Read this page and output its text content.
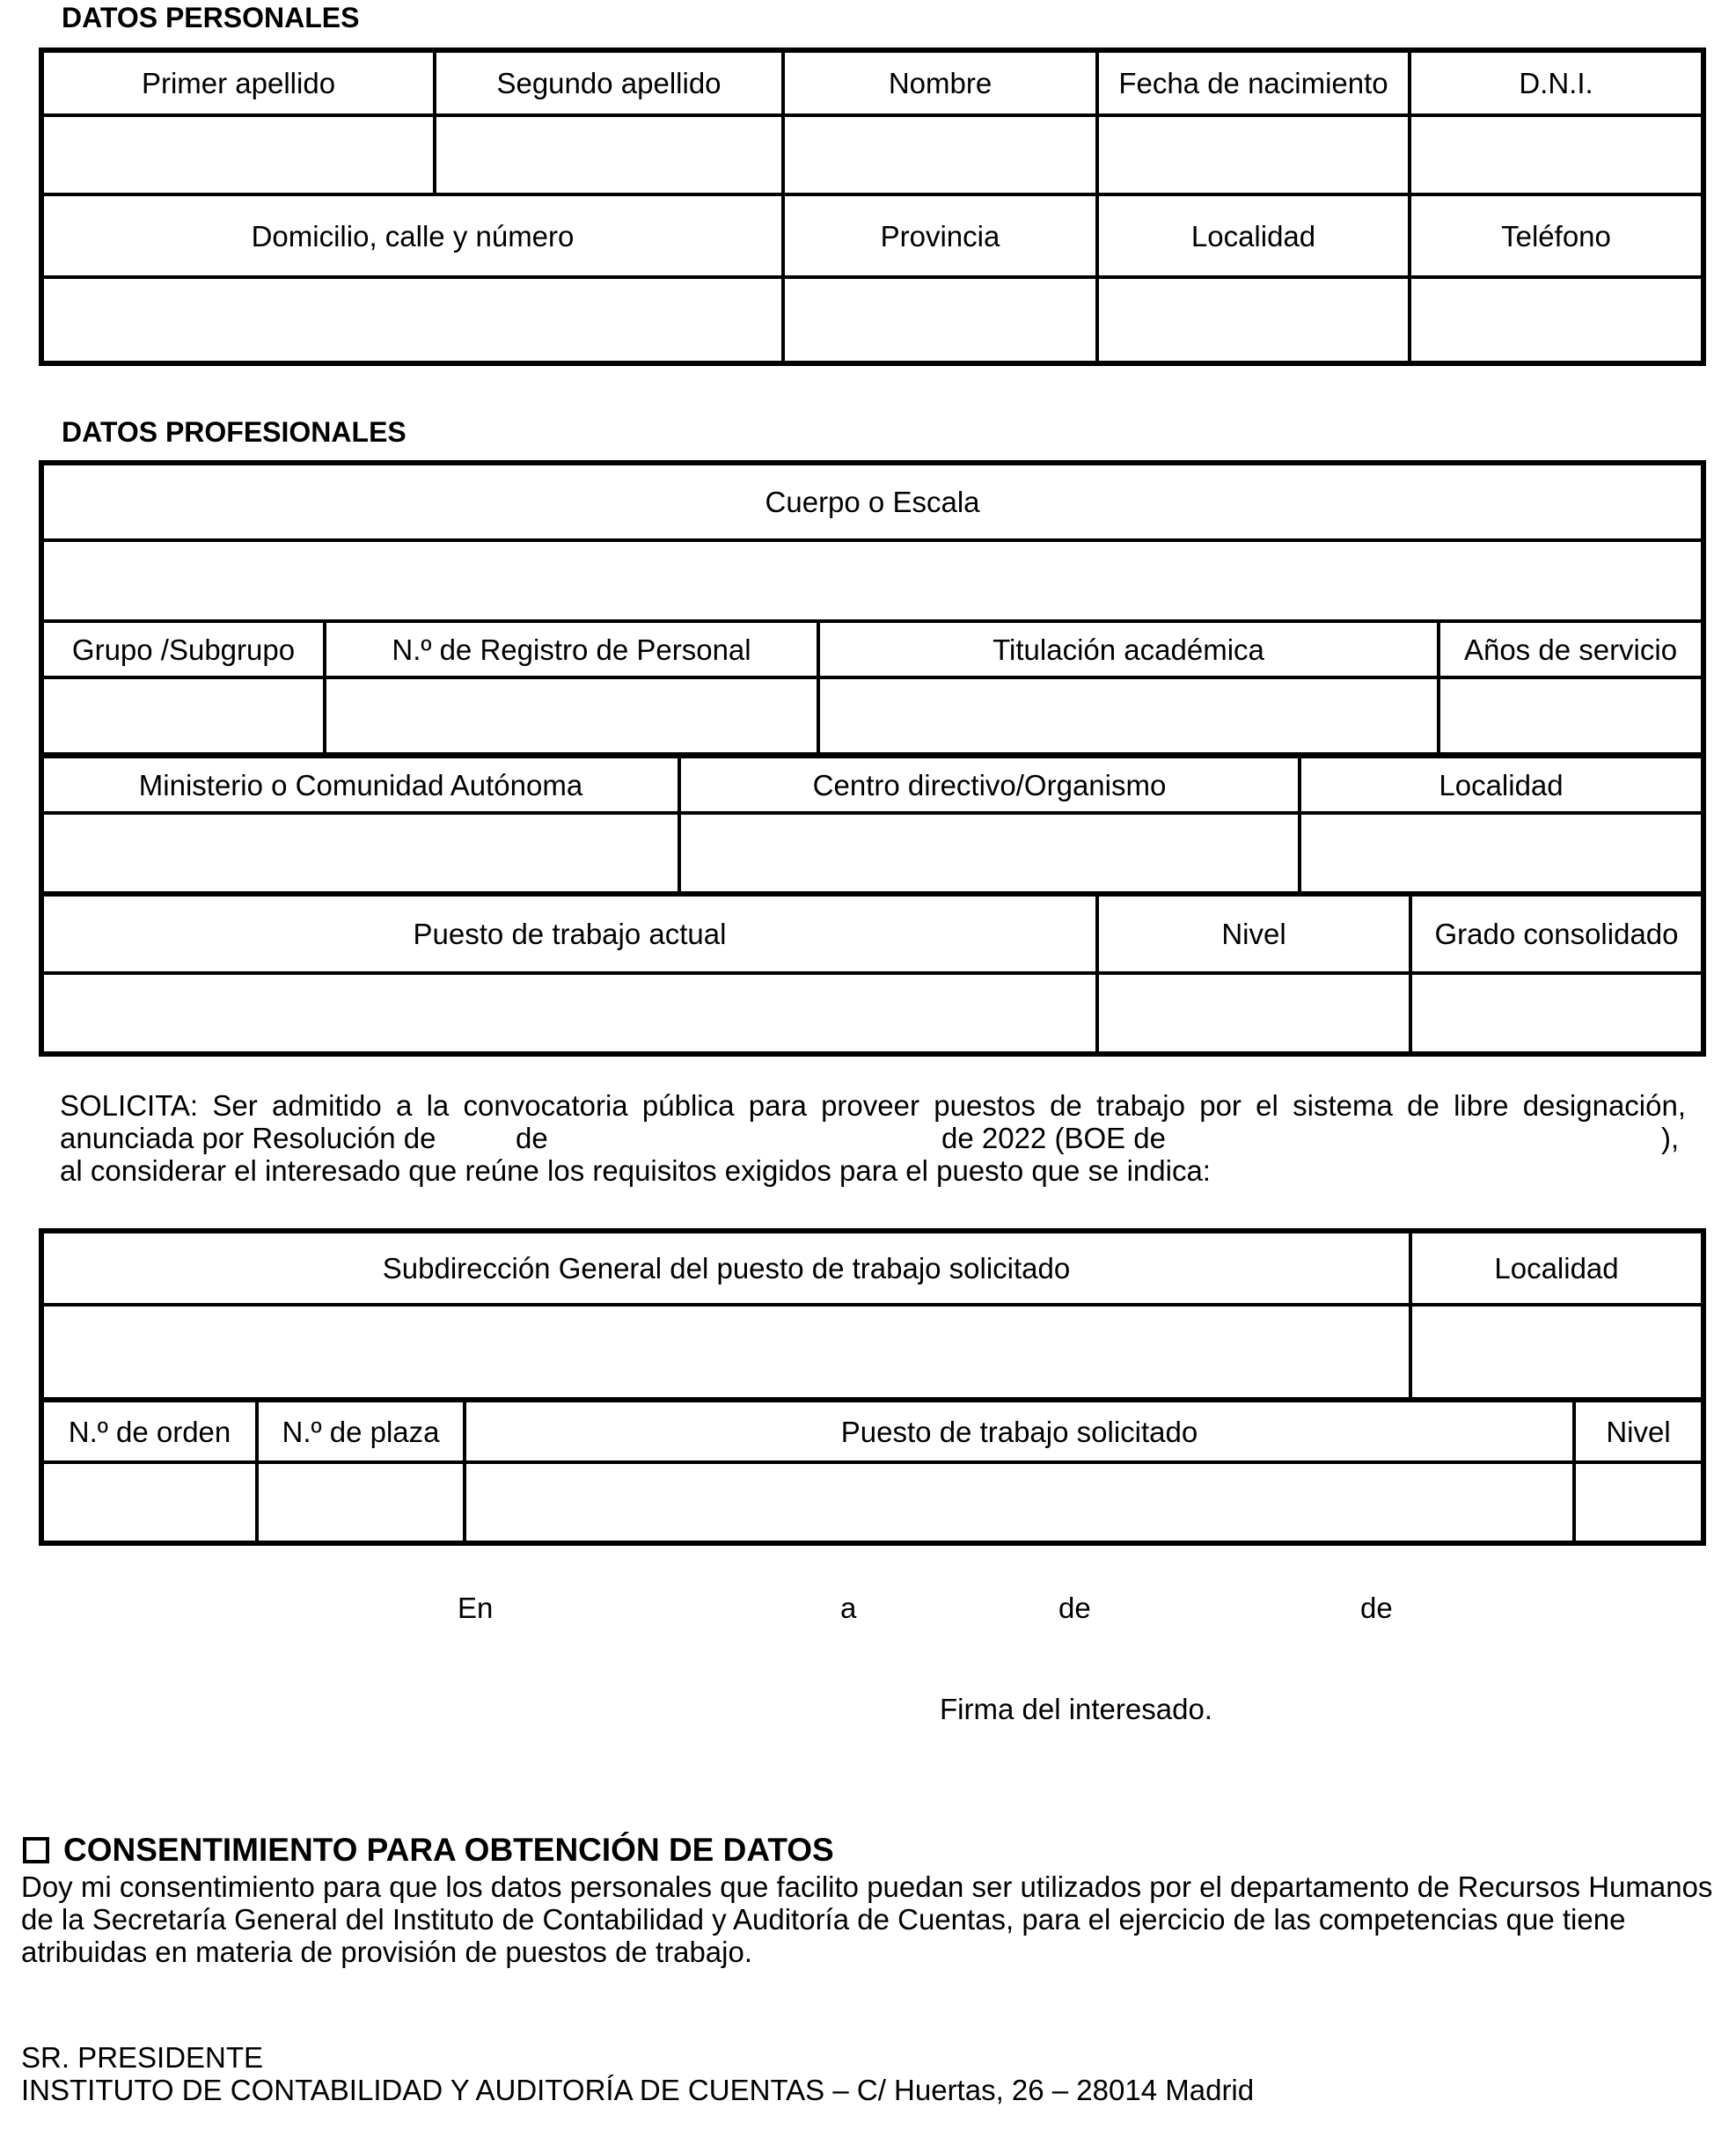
DATOS PERSONALES
Primer apellido	Segundo apellido	Nombre	Fecha de nacimiento	D.N.I.

Domicilio, calle y número		Provincia	Localidad	Teléfono

DATOS PROFESIONALES
Cuerpo o Escala			

Grupo /Subgrupo	N.º de Registro de Personal	Titulación académica	Años de servicio

Ministerio o Comunidad Autónoma	Centro directivo/Organismo	Localidad

Puesto de trabajo actual	Nivel	Grado consolidado

SOLICITA: Ser admitido a la convocatoria pública para proveer puestos de trabajo por el sistema de libre designación,
anunciada por Resolución de	de	de 2022 (BOE de	),
al considerar el interesado que reúne los requisitos exigidos para el puesto que se indica:
Subdirección General del puesto de trabajo solicitado	Localidad

N.º de orden	N.º de plaza	Puesto de trabajo solicitado	Nivel

En	a	de	de
Firma del interesado.
CONSENTIMIENTO PARA OBTENCIÓN DE DATOS
Doy mi consentimiento para que los datos personales que facilito puedan ser utilizados por el departamento de Recursos Humanos
de la Secretaría General del Instituto de Contabilidad y Auditoría de Cuentas, para el ejercicio de las competencias que tiene
atribuidas en materia de provisión de puestos de trabajo.
SR. PRESIDENTE
INSTITUTO DE CONTABILIDAD Y AUDITORÍA DE CUENTAS – C/ Huertas, 26 – 28014 Madrid
